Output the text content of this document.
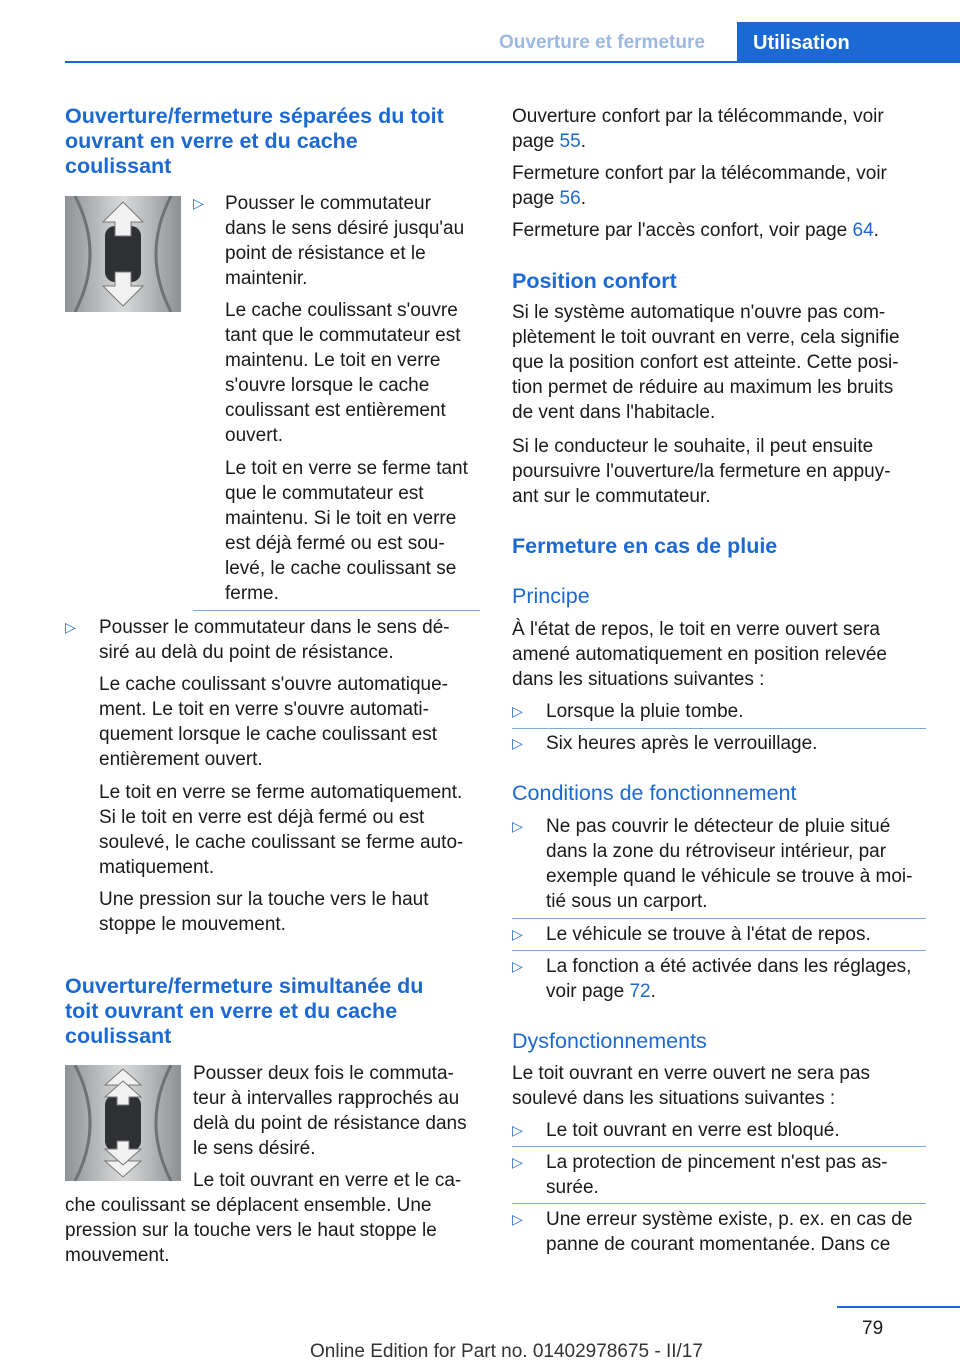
Ouverture et fermeture	Utilisation
Ouverture/fermeture séparées du toit
ouvrant en verre et du cache
coulissant
▷ Pousser le commutateur
dans le sens désiré jusqu'au
point de résistance et le
maintenir.
Le cache coulissant s'ouvre
tant que le commutateur est
maintenu. Le toit en verre
s'ouvre lorsque le cache
coulissant est entièrement
ouvert.
Le toit en verre se ferme tant
que le commutateur est
maintenu. Si le toit en verre
est déjà fermé ou est sou‐
levé, le cache coulissant se
ferme.
▷ Pousser le commutateur dans le sens dé‐
siré au delà du point de résistance.
Le cache coulissant s'ouvre automatique‐
ment. Le toit en verre s'ouvre automati‐
quement lorsque le cache coulissant est
entièrement ouvert.
Le toit en verre se ferme automatiquement.
Si le toit en verre est déjà fermé ou est
soulevé, le cache coulissant se ferme auto‐
matiquement.
Une pression sur la touche vers le haut
stoppe le mouvement.
Ouverture/fermeture simultanée du
toit ouvrant en verre et du cache
coulissant
Pousser deux fois le commuta‐
teur à intervalles rapprochés au
delà du point de résistance dans
le sens désiré.
Le toit ouvrant en verre et le ca‐
che coulissant se déplacent ensemble. Une
pression sur la touche vers le haut stoppe le
mouvement.
Ouverture confort par la télécommande, voir
page 55.
Fermeture confort par la télécommande, voir
page 56.
Fermeture par l'accès confort, voir page 64.
Position confort
Si le système automatique n'ouvre pas com‐
plètement le toit ouvrant en verre, cela signifie
que la position confort est atteinte. Cette posi‐
tion permet de réduire au maximum les bruits
de vent dans l'habitacle.
Si le conducteur le souhaite, il peut ensuite
poursuivre l'ouverture/la fermeture en appuy‐
ant sur le commutateur.
Fermeture en cas de pluie
Principe
À l'état de repos, le toit en verre ouvert sera
amené automatiquement en position relevée
dans les situations suivantes :
▷ Lorsque la pluie tombe.
▷ Six heures après le verrouillage.
Conditions de fonctionnement
▷ Ne pas couvrir le détecteur de pluie situé
dans la zone du rétroviseur intérieur, par
exemple quand le véhicule se trouve à moi‐
tié sous un carport.
▷ Le véhicule se trouve à l'état de repos.
▷ La fonction a été activée dans les réglages,
voir page 72.
Dysfonctionnements
Le toit ouvrant en verre ouvert ne sera pas
soulevé dans les situations suivantes :
▷ Le toit ouvrant en verre est bloqué.
▷ La protection de pincement n'est pas as‐
surée.
▷ Une erreur système existe, p. ex. en cas de
panne de courant momentanée. Dans ce
79
Online Edition for Part no. 01402978675 - II/17
